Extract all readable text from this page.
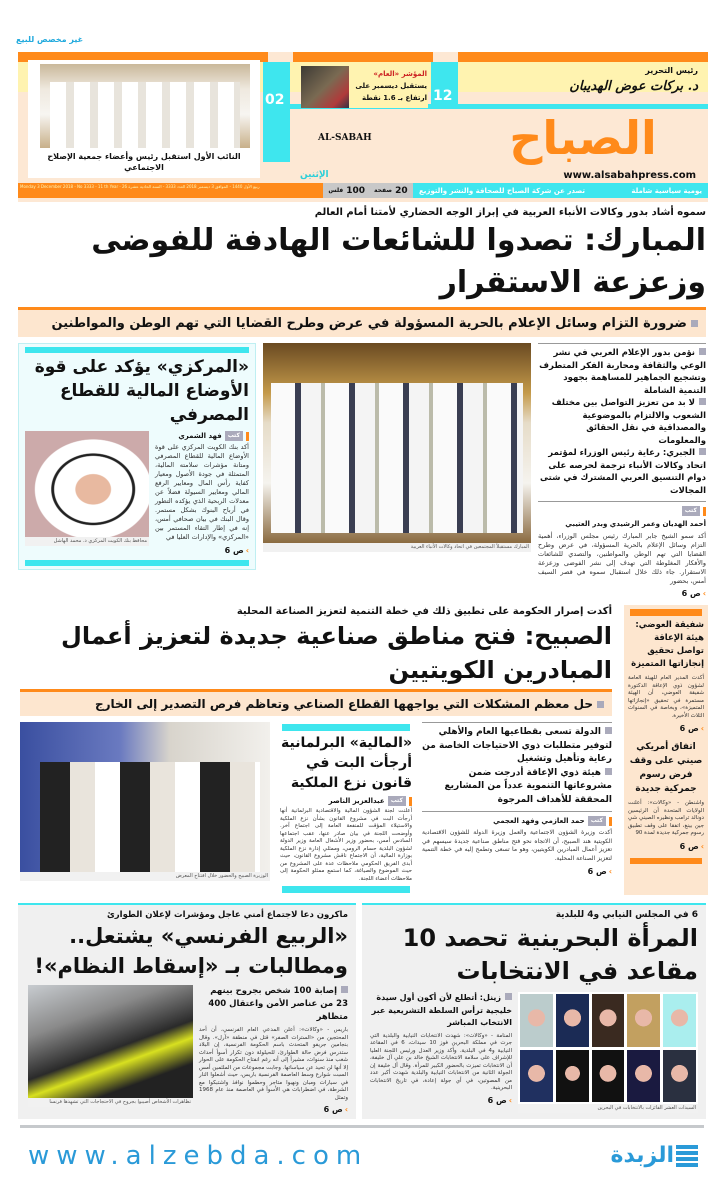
غير مخصص للبيع
النائب الأول استقبل رئيس وأعضاء جمعية الإصلاح الاجتماعي
02
المؤشر «العام»
يستقبل ديسمبر على
ارتفاع بـ 1.6 نقطة 12
رئيس التحرير
د. بركات عوض الهديبان
AL-SABAH	الصباح
www.alsabahpress.com
الإثنين
Monday 3 December 2018 - No 3333 - 11 th Year · 26 ربيع الأول 1440 - الموافق 3 ديسمبر 2018 العدد 3333 - السنة الحادية عشرة	20
صفحة
100
فلس	يومية سياسية شاملة
تصدر عن شركة الصباح للصحافة والنشر والتوزيع
سموه أشاد بدور وكالات الأنباء العربية في إبراز الوجه الحضاري لأمتنا أمام العالم
المبارك: تصدوا للشائعات الهادفة للفوضى وزعزعة الاستقرار
ضرورة التزام وسائل الإعلام بالحرية المسؤولة في عرض وطرح القضايا التي تهم الوطن والمواطنين
«المركزي» يؤكد على قوة الأوضاع المالية للقطاع المصرفي
محافظ بنك الكويت المركزي د. محمد الهاشل
كتب
فهد الشمري
أكد بنك الكويت المركزي على قوة الأوضاع المالية للقطاع المصرفي ومتانة مؤشرات سلامته المالية، المتمثلة في جودة الأصول ومعيار كفاية رأس المال ومعايير الرفع المالي ومعايير السيولة فضلاً عن معدلات الربحية الذي يؤكده التطور في أرباح البنوك بشكل مستمر. وقال البنك في بيان صحافي أمس، إنه في إطار التقاء المستمر بين «المركزي» والإدارات العليا في
›
ص 6	المبارك مستقبلاً المجتمعين في اتحاد وكالات الأنباء العربية
نؤمن بدور الإعلام العربي في نشر الوعي والثقافة ومحاربة الفكر المتطرف وتشجيع الجماهير للمساهمة بجهود التنمية الشاملة
لا بد من تعزيز التواصل بين مختلف الشعوب والالتزام بالموضوعية والمصداقية في نقل الحقائق والمعلومات
الجبري: رعاية رئيس الوزراء لمؤتمر اتحاد وكالات الأنباء ترجمة لحرصه على دوام التنسيق العربي المشترك في شتى المجالات
كتب
أحمد الهديان وعمر الرشيدي وبدر العتيبي
أكد سمو الشيخ جابر المبارك رئيس مجلس الوزراء، أهمية التزام وسائل الإعلام بالحرية المسؤولة، في عرض وطرح القضايا التي تهم الوطن والمواطنين، والتصدي للشائعات والأفكار المغلوطة التي تهدف إلى نشر الفوضى وزعزعة الاستقرار. جاء ذلك خلال استقبال سموه في قصر السيف أمس، بحضور
›
ص 6
أكدت إصرار الحكومة على تطبيق ذلك في خطة التنمية لتعزيز الصناعة المحلية
الصبيح: فتح مناطق صناعية جديدة لتعزيز أعمال المبادرين الكويتيين
حل معظم المشكلات التي يواجهها القطاع الصناعي وتعاظم فرص التصدير إلى الخارج
الوزيرة الصبيح والحضور خلال افتتاح المعرض
«المالية» البرلمانية أرجأت البت في قانون نزع الملكية
كتب
عبدالعزيز الناصر
أعلنت لجنة الشؤون المالية والاقتصادية البرلمانية أنها أرجأت البت في مشروع القانون بشأن نزع الملكية والاستيلاء المؤقت للمنفعة العامة إلى اجتماع آخر. وأوضحت اللجنة في بيان صادر عنها، عقب اجتماعها السادس أمس، بحضور وزير الأشغال العامة وزير الدولة لشؤون البلدية حسام الرومي، وممثلي إدارة نزع الملكية بوزارة المالية، أن الاجتماع ناقش مشروع القانون، حيث أبدى الفريق الحكومي ملاحظات عدة على المشروع من حيث الموضوع والصياغة، كما استمع ممثلو الحكومة إلى ملاحظات أعضاء اللجنة.
الدولة تسعى بقطاعيها العام والأهلي لتوفير متطلبات ذوي الاحتياجات الخاصة من رعاية وتأهيل وتشغيل
هيئة ذوي الإعاقة أدرجت ضمن مشروعاتها التنموية عدداً من المشاريع المحققة للأهداف المرجوة
كتب
حمد العازمي وفهد العجمي
أكدت وزيرة الشؤون الاجتماعية والعمل وزيرة الدولة للشؤون الاقتصادية الكويتية هند الصبيح، أن الاتجاه نحو فتح مناطق صناعية جديدة سيسهم في تعزيز أعمال المبادرين الكويتيين، وهو ما تسعى وتطمح إليه في خطة التنمية لتعزيز الصناعة المحلية.
›
ص 6
شفيقة العوضي: هيئة الإعاقة تواصل تحقيق إنجازاتها المتميزة
أكدت المدير العام للهيئة العامة لشؤون ذوي الإعاقة الدكتورة شفيقة العوضي، أن الهيئة مستمرة في تحقيق «إنجازاتها المتميزة»، وبخاصة في السنوات الثلاث الأخيرة.
›
ص 6
اتفاق أمريكي صيني على وقف فرض رسوم جمركية جديدة
واشنطن - «وكالات»: أعلنت الولايات المتحدة أن الرئيسين دونالد ترامب ونظيره الصيني شي جين بينغ، اتفقا على وقف تطبيق رسوم جمركية جديدة لمدة 90
›
ص 6
ماكرون دعا لاجتماع أمني عاجل ومؤشرات لإعلان الطوارئ
«الربيع الفرنسي» يشتعل.. ومطالبات بـ «إسقاط النظام»!
تظاهرات الأشخاص أصيبوا بجروح في الاحتجاجات التي تشهدها فرنسا
إصابة 100 شخص بجروح بينهم 23 من عناصر الأمن واعتقال 400 متظاهر
باريس - «وكالات»: أعلن المدعي العام الفرنسي، أن أحد المحتجين من «السترات الصفر» قتل في منطقة «آرل». وقال بنجامين جريفو المتحدث باسم الحكومة الفرنسية، إن البلاد ستدرس فرض حالة الطوارئ، للحيلولة دون تكرار أسوأ أحداث شغب منذ سنوات، مشيراً إلى أنه رغم انفتاح الحكومة على الحوار إلا أنها لن تحيد عن سياساتها. وجابت مجموعات من الملثمين أمس السبت شوارع وسط العاصمة الفرنسية باريس، حيث أشعلوا النار في سيارات ومبان ونهبوا متاجر وحطموا نوافذ واشتبكوا مع الشرطة، في اضطرابات هي الأسوأ في العاصمة منذ عام 1968 وتمثل
›
ص 6
6 في المجلس النيابي و4 للبلدية
المرأة البحرينية تحصد 10 مقاعد في الانتخابات
زينل: أتطلع لأن أكون أول سيدة خليجية ترأس السلطة التشريعية عبر الانتخاب المباشر
المنامة - «وكالات»: شهدت الانتخابات النيابية والبلدية التي جرت في مملكة البحرين فوز 10 سيدات، 6 في المقاعد النيابية و4 في البلدية. وأكد وزير العدل ورئيس اللجنة العليا للإشراف على سلامة الانتخابات الشيخ خالد بن علي آل خليفة، أن الانتخابات تميزت بالحضور الكبير للمرأة. وقال آل خليفة إن الجولة الثانية من الانتخابات النيابية والبلدية شهدت أكبر عدد من المصوتين، في أي جولة إعادة، في تاريخ الانتخابات البحرينية.
›
ص 6
السيدات العشر الفائزات بالانتخابات في البحرين
www.alzebda.com	الزبدة
